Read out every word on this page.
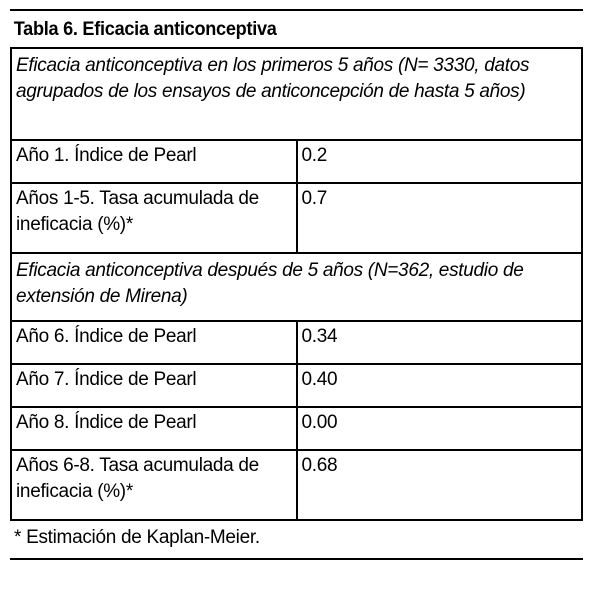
Tabla 6. Eficacia anticonceptiva
Eficacia anticonceptiva en los primeros 5 años (N= 3330, datos agrupados de los ensayos de anticoncepción de hasta 5 años)	
Año 1. Índice de Pearl	0.2
Años 1-5. Tasa acumulada de ineficacia (%)*	0.7
Eficacia anticonceptiva después de 5 años (N=362, estudio de extensión de Mirena)	
Año 6. Índice de Pearl	0.34
Año 7. Índice de Pearl	0.40
Año 8. Índice de Pearl	0.00
Años 6-8. Tasa acumulada de ineficacia (%)*	0.68
* Estimación de Kaplan-Meier.
